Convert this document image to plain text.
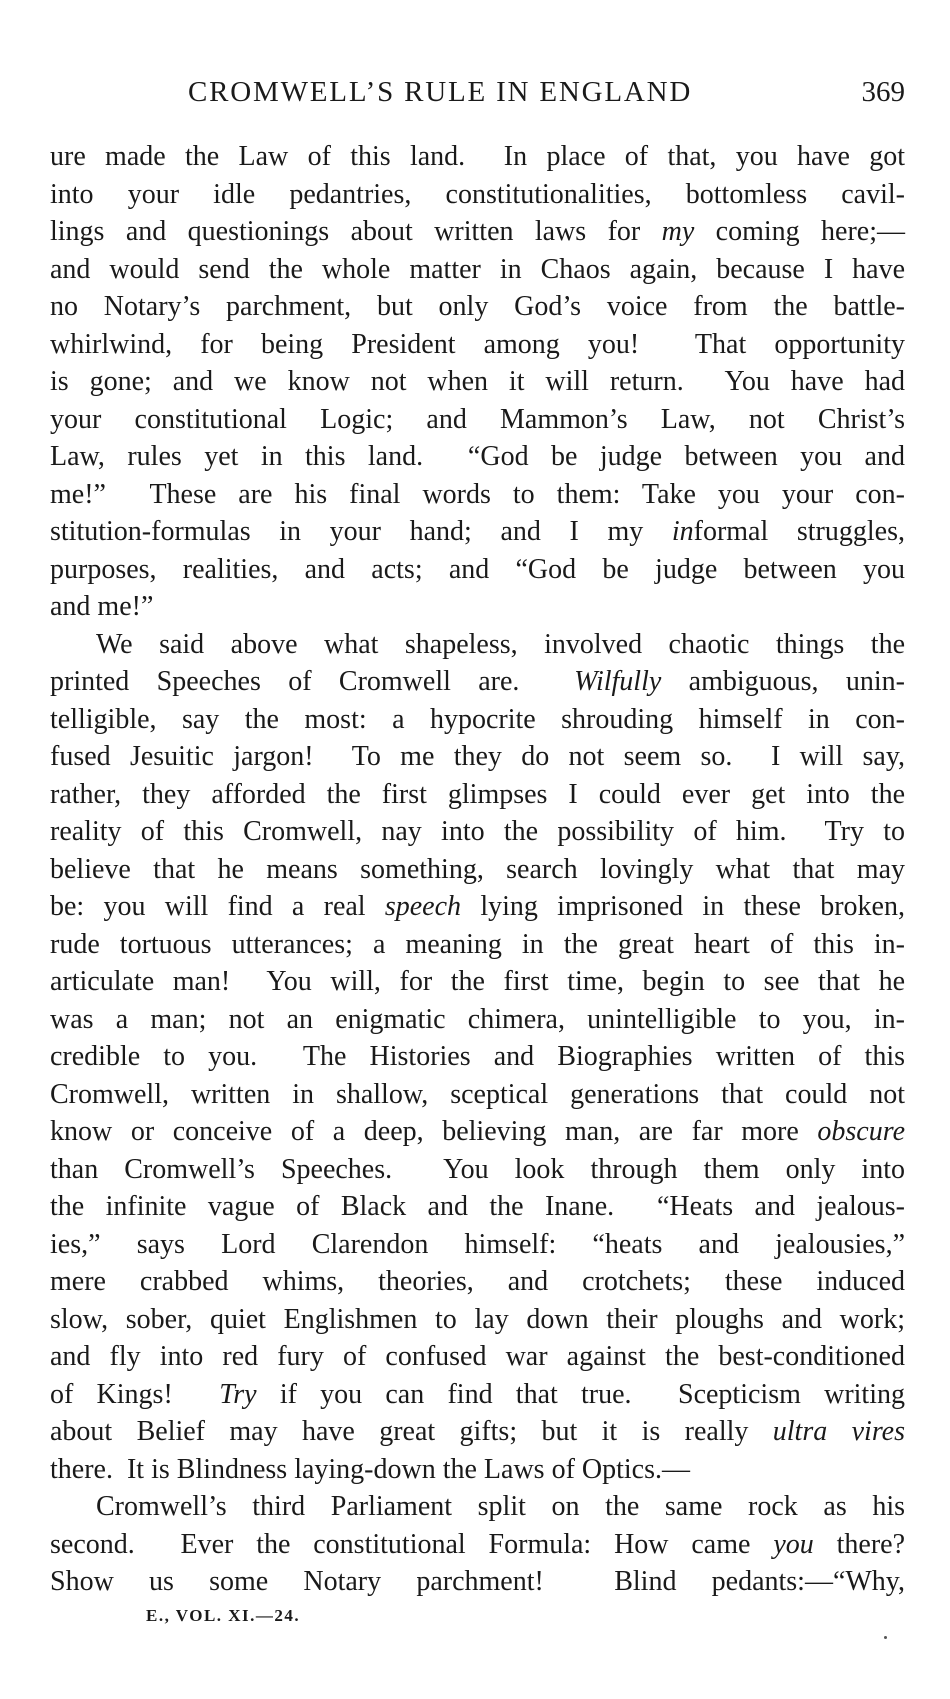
CROMWELL’S RULE IN ENGLAND	369
ure made the Law of this land.  In place of that, you have got
into your idle pedantries, constitutionalities, bottomless cavil-
lings and questionings about written laws for my coming here;—
and would send the whole matter in Chaos again, because I have
no Notary’s parchment, but only God’s voice from the battle-
whirlwind, for being President among you!  That opportunity
is gone; and we know not when it will return.  You have had
your constitutional Logic; and Mammon’s Law, not Christ’s
Law, rules yet in this land.  “God be judge between you and
me!”  These are his final words to them: Take you your con-
stitution-formulas in your hand; and I my informal struggles,
purposes, realities, and acts; and “God be judge between you
and me!”
We said above what shapeless, involved chaotic things the
printed Speeches of Cromwell are.  Wilfully ambiguous, unin-
telligible, say the most: a hypocrite shrouding himself in con-
fused Jesuitic jargon!  To me they do not seem so.  I will say,
rather, they afforded the first glimpses I could ever get into the
reality of this Cromwell, nay into the possibility of him.  Try to
believe that he means something, search lovingly what that may
be: you will find a real speech lying imprisoned in these broken,
rude tortuous utterances; a meaning in the great heart of this in-
articulate man!  You will, for the first time, begin to see that he
was a man; not an enigmatic chimera, unintelligible to you, in-
credible to you.  The Histories and Biographies written of this
Cromwell, written in shallow, sceptical generations that could not
know or conceive of a deep, believing man, are far more obscure
than Cromwell’s Speeches.  You look through them only into
the infinite vague of Black and the Inane.  “Heats and jealous-
ies,” says Lord Clarendon himself: “heats and jealousies,”
mere crabbed whims, theories, and crotchets; these induced
slow, sober, quiet Englishmen to lay down their ploughs and work;
and fly into red fury of confused war against the best-conditioned
of Kings!  Try if you can find that true.  Scepticism writing
about Belief may have great gifts; but it is really ultra vires
there.  It is Blindness laying-down the Laws of Optics.—
Cromwell’s third Parliament split on the same rock as his
second.  Ever the constitutional Formula: How came you there?
Show us some Notary parchment!  Blind pedants:—“Why,
E., VOL. XI.—24.
